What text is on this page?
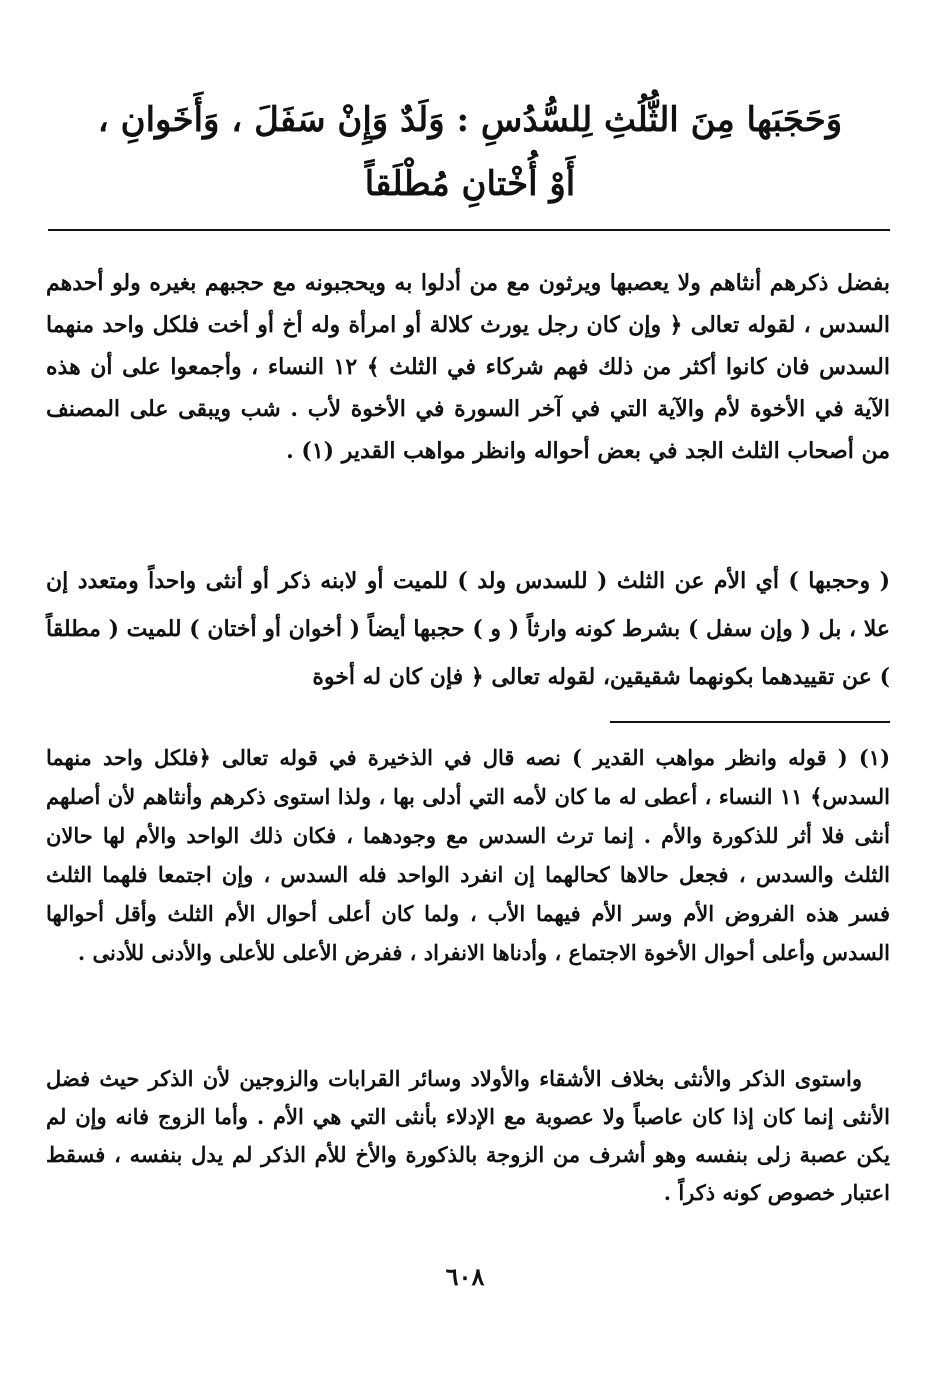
وَحَجَبَها مِنَ الثُّلُثِ لِلسُّدُسِ : وَلَدٌ وَإِنْ سَفَلَ ، وَأَخَوانِ ، أَوْ أُخْتانِ مُطْلَقاً

بفضل ذكرهم أنثاهم ولا يعصبها ويرثون مع من أدلوا به ويحجبونه مع حجبهم بغيره ولو أحدهم السدس ، لقوله تعالى ﴿ وإن كان رجل يورث كلالة أو امرأة وله أخ أو أخت فلكل واحد منهما السدس فان كانوا أكثر من ذلك فهم شركاء في الثلث ﴾ ١٢ النساء ، وأجمعوا على أن هذه الآية في الأخوة لأم والآية التي في آخر السورة في الأخوة لأب . شب ويبقى على المصنف من أصحاب الثلث الجد في بعض أحواله وانظر مواهب القدير (١) .

( وحجبها ) أي الأم عن الثلث ( للسدس ولد ) للميت أو لابنه ذكر أو أنثى واحداً ومتعدد إن علا ، بل ( وإن سفل ) بشرط كونه وارثاً ( و ) حجبها أيضاً ( أخوان أو أختان ) للميت ( مطلقاً ) عن تقييدهما بكونهما شقيقين، لقوله تعالى ﴿ فإن كان له أخوة

(١) ( قوله وانظر مواهب القدير ) نصه قال في الذخيرة في قوله تعالى ﴿فلكل واحد منهما السدس﴾ ١١ النساء ، أعطى له ما كان لأمه التي أدلى بها ، ولذا استوى ذكرهم وأنثاهم لأن أصلهم أنثى فلا أثر للذكورة والأم . إنما ترث السدس مع وجودهما ، فكان ذلك الواحد والأم لها حالان الثلث والسدس ، فجعل حالاها كحالهما إن انفرد الواحد فله السدس ، وإن اجتمعا فلهما الثلث فسر هذه الفروض الأم وسر الأم فيهما الأب ، ولما كان أعلى أحوال الأم الثلث وأقل أحوالها السدس وأعلى أحوال الأخوة الاجتماع ، وأدناها الانفراد ، ففرض الأعلى للأعلى والأدنى للأدنى .

واستوى الذكر والأنثى بخلاف الأشقاء والأولاد وسائر القرابات والزوجين لأن الذكر حيث فضل الأنثى إنما كان إذا كان عاصباً ولا عصوبة مع الإدلاء بأنثى التي هي الأم . وأما الزوج فانه وإن لم يكن عصبة زلى بنفسه وهو أشرف من الزوجة بالذكورة والأخ للأم الذكر لم يدل بنفسه ، فسقط اعتبار خصوص كونه ذكراً .

٦٠٨
